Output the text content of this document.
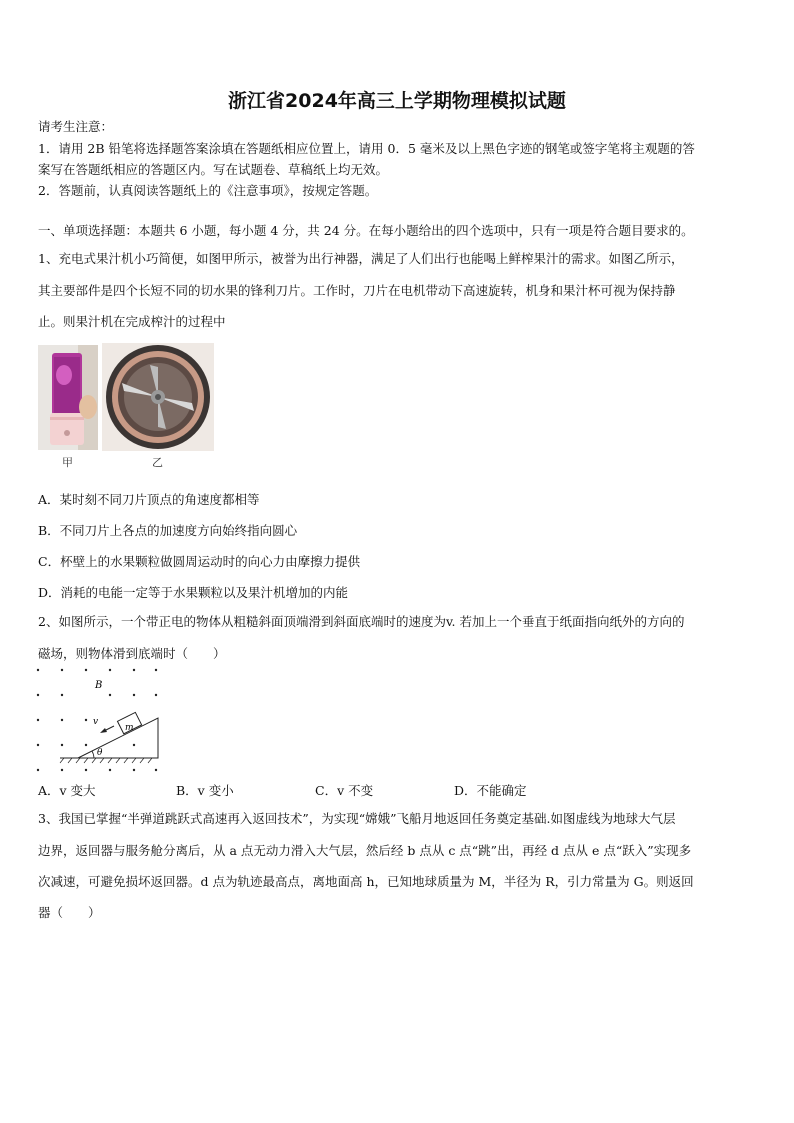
浙江省2024年高三上学期物理模拟试题
请考生注意：
1．请用 2B 铅笔将选择题答案涂填在答题纸相应位置上，请用 0．5 毫米及以上黑色字迹的钢笔或签字笔将主观题的答
案写在答题纸相应的答题区内。写在试题卷、草稿纸上均无效。
2．答题前，认真阅读答题纸上的《注意事项》，按规定答题。
一、单项选择题：本题共 6 小题，每小题 4 分，共 24 分。在每小题给出的四个选项中，只有一项是符合题目要求的。
1、充电式果汁机小巧简便，如图甲所示，被誉为出行神器，满足了人们出行也能喝上鲜榨果汁的需求。如图乙所示，
其主要部件是四个长短不同的切水果的锋利刀片。工作时，刀片在电机带动下高速旋转，机身和果汁杯可视为保持静
止。则果汁机在完成榨汁的过程中
甲	乙
A．某时刻不同刀片顶点的角速度都相等
B．不同刀片上各点的加速度方向始终指向圆心
C．杯壁上的水果颗粒做圆周运动时的向心力由摩擦力提供
D．消耗的电能一定等于水果颗粒以及果汁机增加的内能
2、如图所示，一个带正电的物体从粗糙斜面顶端滑到斜面底端时的速度为v. 若加上一个垂直于纸面指向纸外的方向的
磁场，则物体滑到底端时（　　）
B
θ
m
v
A．v 变大	B．v 变小	C．v 不变	D．不能确定
3、我国已掌握“半弹道跳跃式高速再入返回技术”，为实现“嫦娥”飞船月地返回任务奠定基础.如图虚线为地球大气层
边界，返回器与服务舱分离后，从 a 点无动力滑入大气层，然后经 b 点从 c 点“跳”出，再经 d 点从 e 点“跃入”实现多
次减速，可避免损坏返回器。d 点为轨迹最高点，离地面高 h，已知地球质量为 M，半径为 R，引力常量为 G。则返回
器（　　）
